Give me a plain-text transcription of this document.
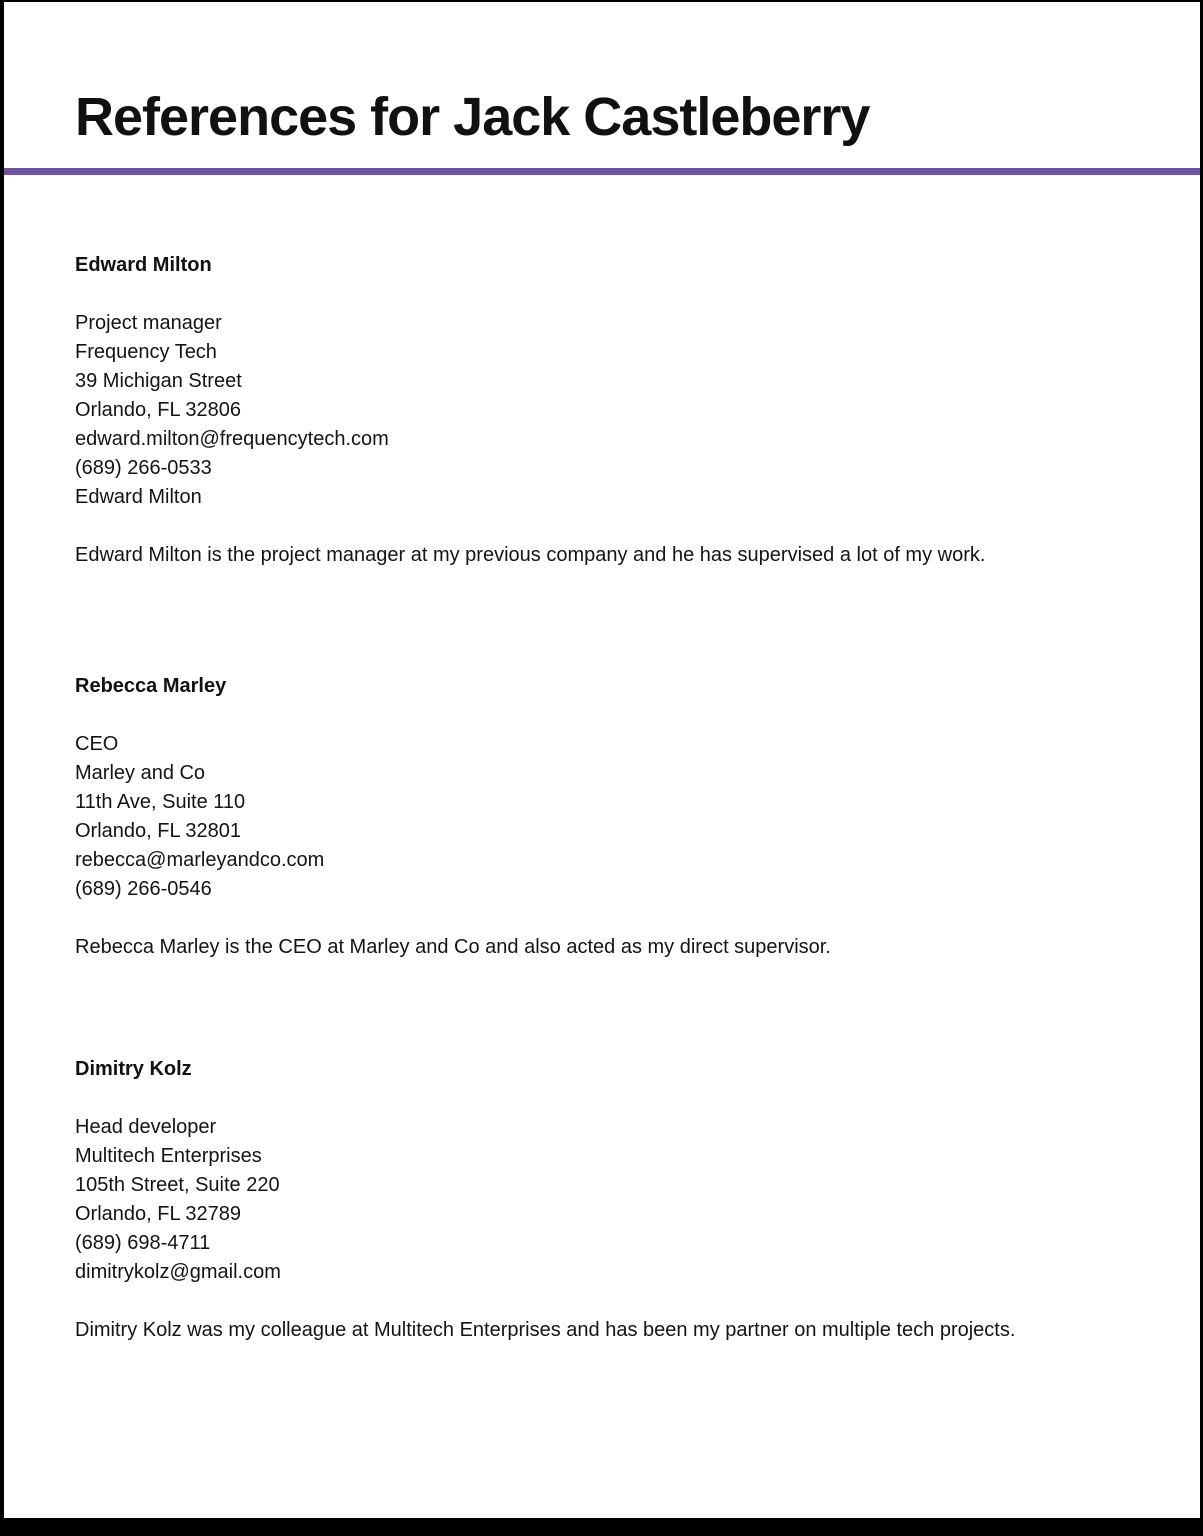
References for Jack Castleberry

Edward Milton

Project manager

Frequency Tech

39 Michigan Street

Orlando, FL 32806

edward.milton@frequencytech.com

(689) 266-0533

Edward Milton

Edward Milton is the project manager at my previous company and he has supervised a lot of my work.

Rebecca Marley

CEO

Marley and Co

11th Ave, Suite 110

Orlando, FL 32801

rebecca@marleyandco.com

(689) 266-0546

Rebecca Marley is the CEO at Marley and Co and also acted as my direct supervisor.

Dimitry Kolz

Head developer

Multitech Enterprises

105th Street, Suite 220

Orlando, FL 32789

(689) 698-4711

dimitrykolz@gmail.com

Dimitry Kolz was my colleague at Multitech Enterprises and has been my partner on multiple tech projects.
